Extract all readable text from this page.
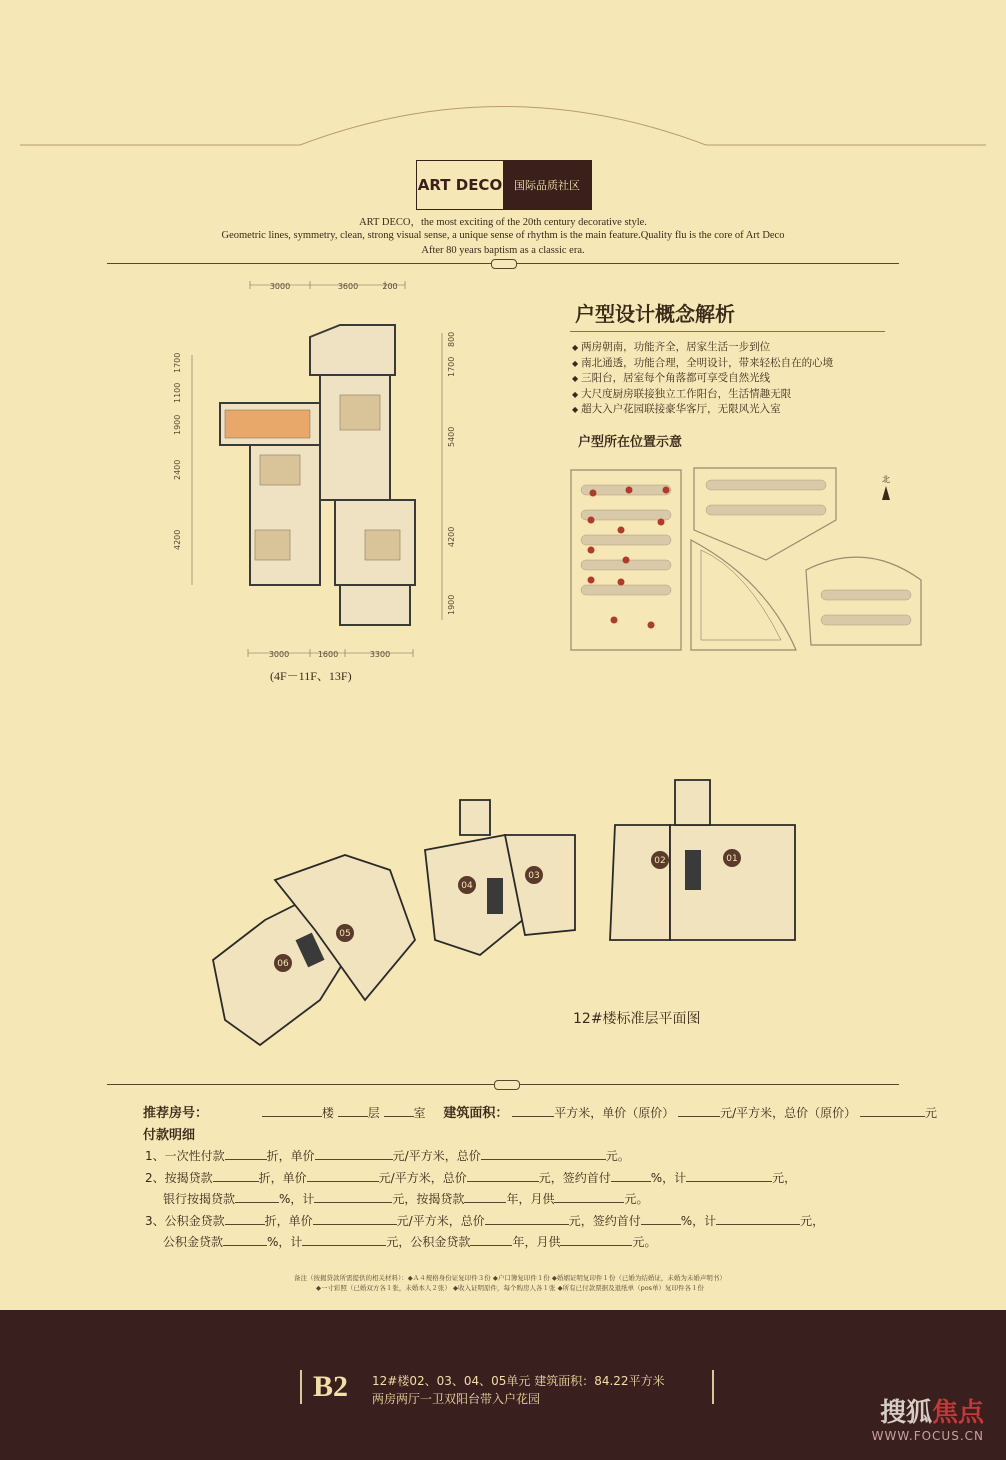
ART DECO	国际品质社区
ART DECO，the most exciting of the 20th century decorative style.
Geometric lines, symmetry, clean, strong visual sense, a unique sense of rhythm is the main feature.Quality flu is the core of Art Deco
After 80 years baptism as a classic era.
3000	3600	200
3000	1600	3300
1700
1100
1900
2400
4200
800
1700
5400
4200
1900
(4F－11F、13F)
户型设计概念解析
◆ 两房朝南，功能齐全，居家生活一步到位
◆ 南北通透，功能合理，全明设计，带来轻松自在的心境
◆ 三阳台，居室每个角落都可享受自然光线
◆ 大尺度厨房联接独立工作阳台，生活情趣无限
◆ 超大入户花园联接豪华客厅，无限风光入室
户型所在位置示意
北
06
05
04
03
02	01
12#楼标准层平面图
推荐房号：	楼	层	室 建筑面积：	平方米，单价（原价）	元/平方米，总价（原价）	元
付款明细
1、一次性付款	折，单价	元/平方米，总价	元。
2、按揭贷款	折，单价	元/平方米，总价	元，签约首付	%，计	元，
银行按揭贷款	%，计	元，按揭贷款	年，月供	元。
3、公积金贷款	折，单价	元/平方米，总价	元，签约首付	%，计	元，
公积金贷款	%，计	元，公积金贷款	年，月供	元。
备注（按揭贷款所需提供的相关材料）：◆Ａ４规格身份证复印件３份 ◆户口簿复印件１份 ◆婚姻证明复印件１份（已婚为结婚证，未婚为未婚声明书）
◆一寸彩照（已婚双方各１张，未婚本人２张） ◆收入证明原件，每个购房人各１张 ◆所有已付款票据及退纸单（pos单）复印件各１份
B2 12#楼02、03、04、05单元 建筑面积：84.22平方米
两房两厅一卫双阳台带入户花园	搜狐焦点
WWW.FOCUS.CN
